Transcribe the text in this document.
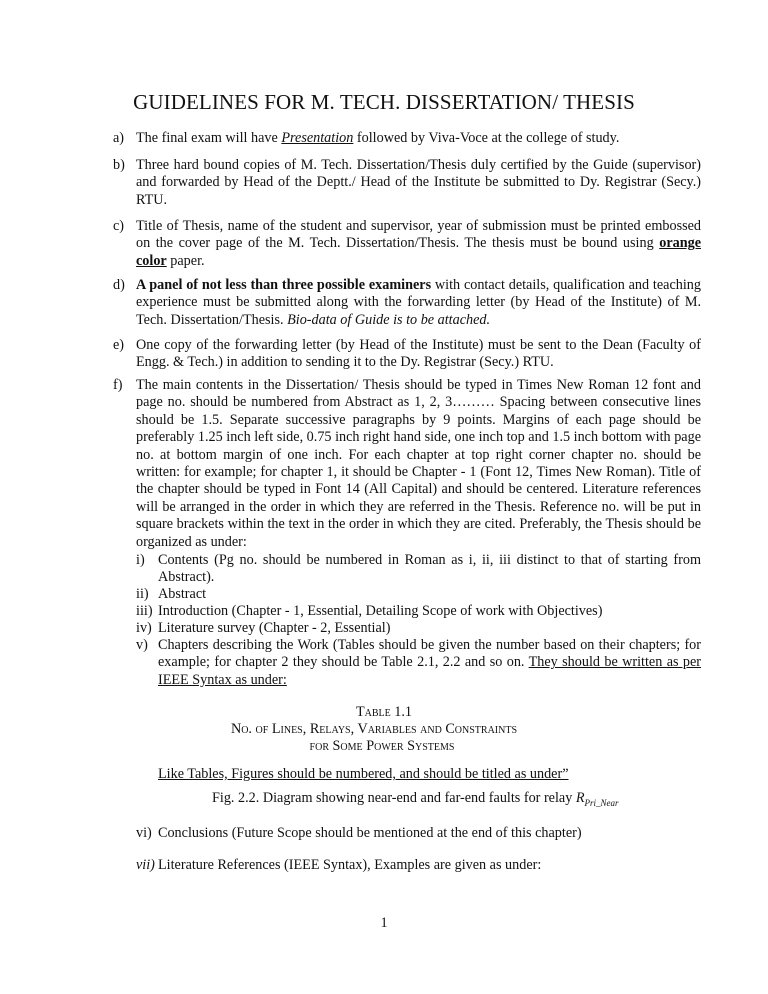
GUIDELINES FOR M. TECH. DISSERTATION/ THESIS
a) The final exam will have Presentation followed by Viva-Voce at the college of study.
b) Three hard bound copies of M. Tech. Dissertation/Thesis duly certified by the Guide (supervisor) and forwarded by Head of the Deptt./ Head of the Institute be submitted to Dy. Registrar (Secy.) RTU.
c) Title of Thesis, name of the student and supervisor, year of submission must be printed embossed on the cover page of the M. Tech. Dissertation/Thesis. The thesis must be bound using orange color paper.
d) A panel of not less than three possible examiners with contact details, qualification and teaching experience must be submitted along with the forwarding letter (by Head of the Institute) of M. Tech. Dissertation/Thesis. Bio-data of Guide is to be attached.
e) One copy of the forwarding letter (by Head of the Institute) must be sent to the Dean (Faculty of Engg. & Tech.) in addition to sending it to the Dy. Registrar (Secy.) RTU.
f) The main contents in the Dissertation/ Thesis should be typed in Times New Roman 12 font and page no. should be numbered from Abstract as 1, 2, 3……… Spacing between consecutive lines should be 1.5. Separate successive paragraphs by 9 points. Margins of each page should be preferably 1.25 inch left side, 0.75 inch right hand side, one inch top and 1.5 inch bottom with page no. at bottom margin of one inch. For each chapter at top right corner chapter no. should be written: for example; for chapter 1, it should be Chapter - 1 (Font 12, Times New Roman). Title of the chapter should be typed in Font 14 (All Capital) and should be centered. Literature references will be arranged in the order in which they are referred in the Thesis. Reference no. will be put in square brackets within the text in the order in which they are cited. Preferably, the Thesis should be organized as under:
i) Contents (Pg no. should be numbered in Roman as i, ii, iii distinct to that of starting from Abstract).
ii) Abstract
iii) Introduction (Chapter - 1, Essential, Detailing Scope of work with Objectives)
iv) Literature survey (Chapter - 2, Essential)
v) Chapters describing the Work (Tables should be given the number based on their chapters; for example; for chapter 2 they should be Table 2.1, 2.2 and so on. They should be written as per IEEE Syntax as under:
Table 1.1
No. of Lines, Relays, Variables and Constraints
for Some Power Systems
Like Tables, Figures should be numbered, and should be titled as under”
Fig. 2.2. Diagram showing near-end and far-end faults for relay $R_{Pri\_Near}$
vi) Conclusions (Future Scope should be mentioned at the end of this chapter)
vii) Literature References (IEEE Syntax), Examples are given as under:
1
